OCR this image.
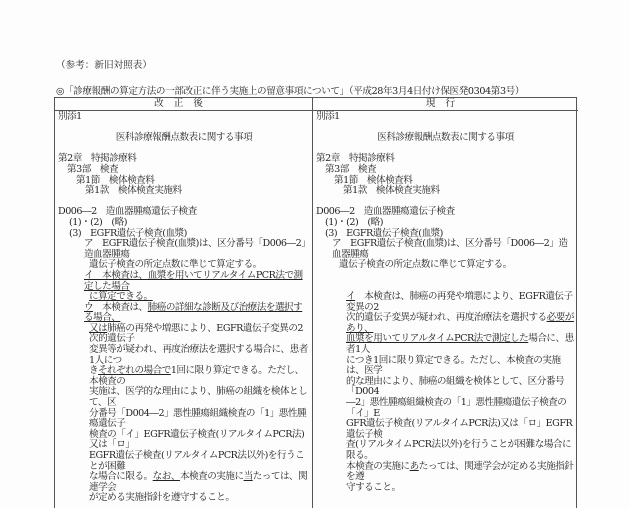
（参考：新旧対照表）
◎「診療報酬の算定方法の一部改正に伴う実施上の留意事項について」（平成28年3月4日付け保医発0304第3号）
改正後	現行
別添1
医科診療報酬点数表に関する事項
第2章　特掲診療料
第3部　検査
第1節　検体検査料
第1款　検体検査実施料
D006―2　造血器腫瘍遺伝子検査
(1)・(2)　(略)
(3)　EGFR遺伝子検査(血漿)
ア　EGFR遺伝子検査(血漿)は、区分番号「D006―2」造血器腫瘍
遺伝子検査の所定点数に準じて算定する。
イ　本検査は、血漿を用いてリアルタイムPCR法で測定した場合
に算定できる。
ウ　本検査は、肺癌の詳細な診断及び治療法を選択する場合、
又は肺癌の再発や増悪により、EGFR遺伝子変異の2次的遺伝子
変異等が疑われ、再度治療法を選択する場合に、患者1人につ
きそれぞれの場合で1回に限り算定できる。ただし、本検査の
実施は、医学的な理由により、肺癌の組織を検体として、区
分番号「D004―2」悪性腫瘍組織検査の「1」悪性腫瘍遺伝子
検査の「イ」EGFR遺伝子検査(リアルタイムPCR法)又は「ロ」
EGFR遺伝子検査(リアルタイムPCR法以外)を行うことが困難
な場合に限る。なお、本検査の実施に当たっては、関連学会
が定める実施指針を遵守すること。
別添1
医科診療報酬点数表に関する事項
第2章　特掲診療料
第3部　検査
第1節　検体検査料
第1款　検体検査実施料
D006―2　造血器腫瘍遺伝子検査
(1)・(2)　(略)
(3)　EGFR遺伝子検査(血漿)
ア　EGFR遺伝子検査(血漿)は、区分番号「D006―2」造血器腫瘍
遺伝子検査の所定点数に準じて算定する。
イ　本検査は、肺癌の再発や増悪により、EGFR遺伝子変異の2
次的遺伝子変異が疑われ、再度治療法を選択する必要があり、
血漿を用いてリアルタイムPCR法で測定した場合に、患者1人
につき1回に限り算定できる。ただし、本検査の実施は、医学
的な理由により、肺癌の組織を検体として、区分番号「D004
―2」悪性腫瘍組織検査の「1」悪性腫瘍遺伝子検査の「イ」E
GFR遺伝子検査(リアルタイムPCR法)又は「ロ」EGFR遺伝子検
査(リアルタイムPCR法以外)を行うことが困難な場合に限る。
本検査の実施にあたっては、関連学会が定める実施指針を遵
守すること。
